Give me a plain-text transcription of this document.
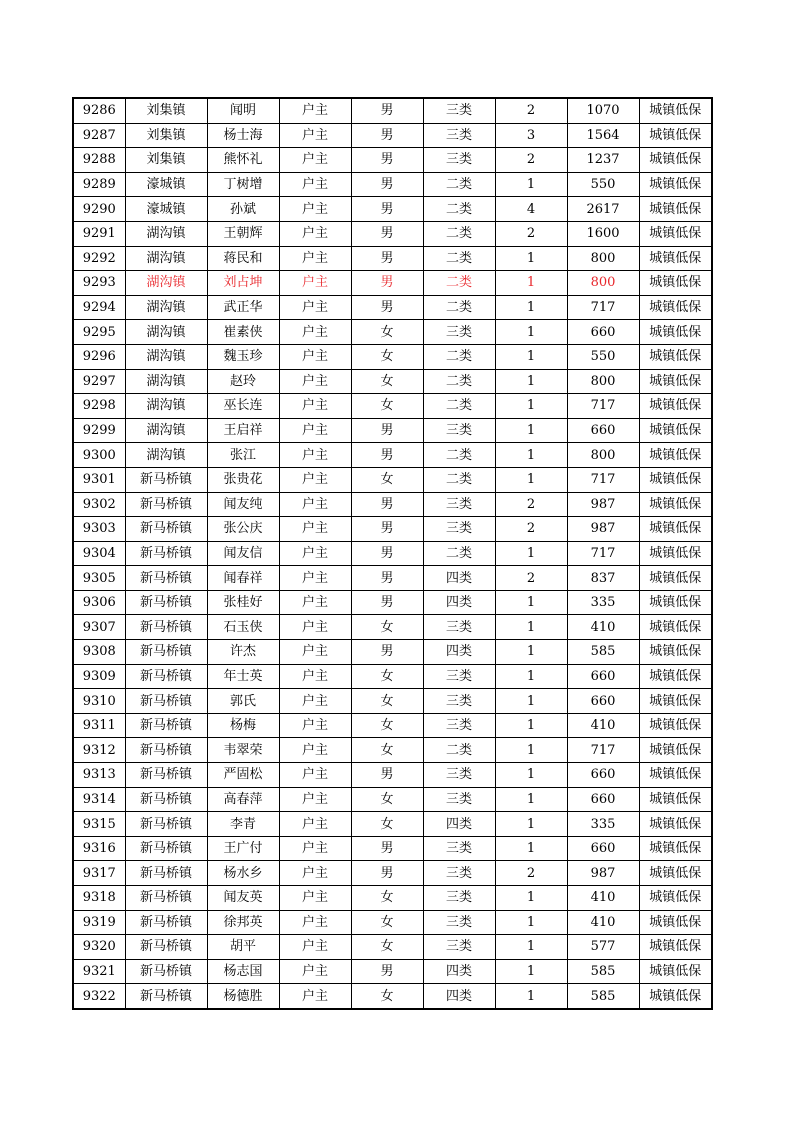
9286	刘集镇	闻明	户主	男	三类	2	1070	城镇低保
9287	刘集镇	杨士海	户主	男	三类	3	1564	城镇低保
9288	刘集镇	熊怀礼	户主	男	三类	2	1237	城镇低保
9289	濠城镇	丁树增	户主	男	二类	1	550	城镇低保
9290	濠城镇	孙斌	户主	男	二类	4	2617	城镇低保
9291	湖沟镇	王朝辉	户主	男	二类	2	1600	城镇低保
9292	湖沟镇	蒋民和	户主	男	二类	1	800	城镇低保
9293	湖沟镇	刘占坤	户主	男	二类	1	800	城镇低保
9294	湖沟镇	武正华	户主	男	二类	1	717	城镇低保
9295	湖沟镇	崔素侠	户主	女	三类	1	660	城镇低保
9296	湖沟镇	魏玉珍	户主	女	二类	1	550	城镇低保
9297	湖沟镇	赵玲	户主	女	二类	1	800	城镇低保
9298	湖沟镇	巫长连	户主	女	二类	1	717	城镇低保
9299	湖沟镇	王启祥	户主	男	三类	1	660	城镇低保
9300	湖沟镇	张江	户主	男	二类	1	800	城镇低保
9301	新马桥镇	张贵花	户主	女	二类	1	717	城镇低保
9302	新马桥镇	闻友纯	户主	男	三类	2	987	城镇低保
9303	新马桥镇	张公庆	户主	男	三类	2	987	城镇低保
9304	新马桥镇	闻友信	户主	男	二类	1	717	城镇低保
9305	新马桥镇	闻春祥	户主	男	四类	2	837	城镇低保
9306	新马桥镇	张桂好	户主	男	四类	1	335	城镇低保
9307	新马桥镇	石玉侠	户主	女	三类	1	410	城镇低保
9308	新马桥镇	许杰	户主	男	四类	1	585	城镇低保
9309	新马桥镇	年士英	户主	女	三类	1	660	城镇低保
9310	新马桥镇	郭氏	户主	女	三类	1	660	城镇低保
9311	新马桥镇	杨梅	户主	女	三类	1	410	城镇低保
9312	新马桥镇	韦翠荣	户主	女	二类	1	717	城镇低保
9313	新马桥镇	严固松	户主	男	三类	1	660	城镇低保
9314	新马桥镇	高春萍	户主	女	三类	1	660	城镇低保
9315	新马桥镇	李青	户主	女	四类	1	335	城镇低保
9316	新马桥镇	王广付	户主	男	三类	1	660	城镇低保
9317	新马桥镇	杨水乡	户主	男	三类	2	987	城镇低保
9318	新马桥镇	闻友英	户主	女	三类	1	410	城镇低保
9319	新马桥镇	徐邦英	户主	女	三类	1	410	城镇低保
9320	新马桥镇	胡平	户主	女	三类	1	577	城镇低保
9321	新马桥镇	杨志国	户主	男	四类	1	585	城镇低保
9322	新马桥镇	杨德胜	户主	女	四类	1	585	城镇低保
